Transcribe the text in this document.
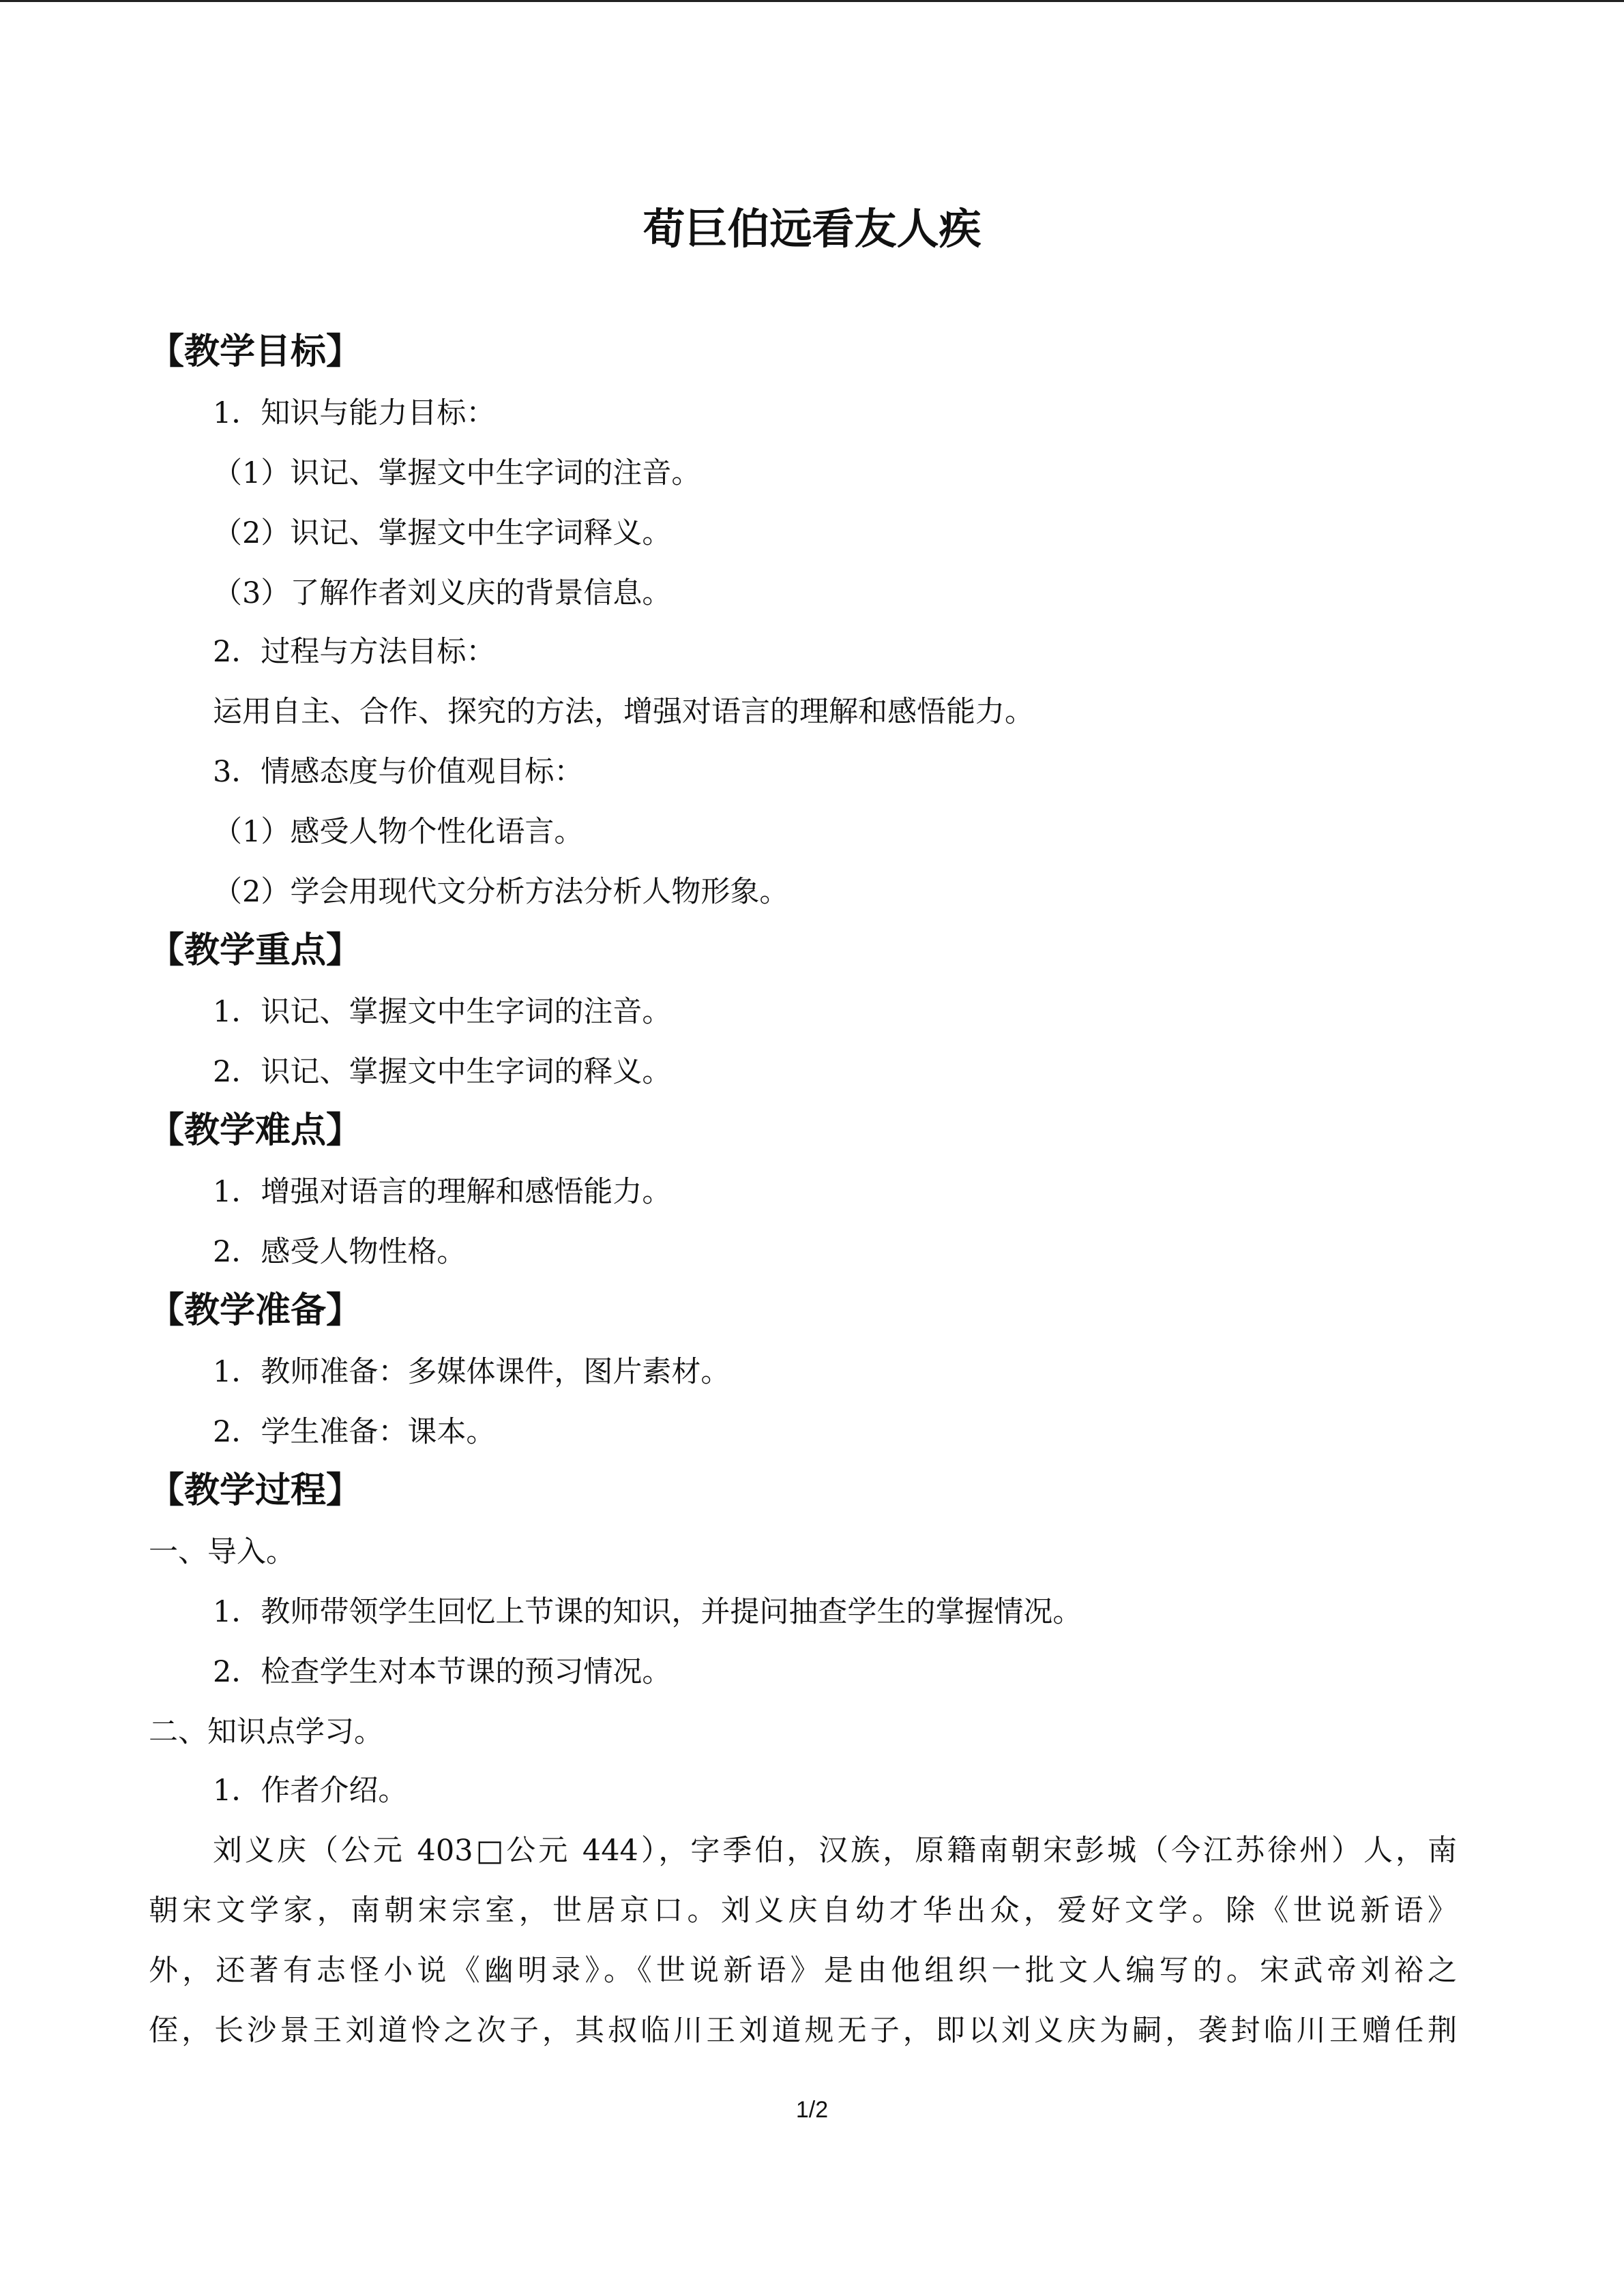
荀巨伯远看友人疾
【教学目标】
1．知识与能力目标：
（1）识记、掌握文中生字词的注音。
（2）识记、掌握文中生字词释义。
（3）了解作者刘义庆的背景信息。
2．过程与方法目标：
运用自主、合作、探究的方法，增强对语言的理解和感悟能力。
3．情感态度与价值观目标：
（1）感受人物个性化语言。
（2）学会用现代文分析方法分析人物形象。
【教学重点】
1．识记、掌握文中生字词的注音。
2．识记、掌握文中生字词的释义。
【教学难点】
1．增强对语言的理解和感悟能力。
2．感受人物性格。
【教学准备】
1．教师准备：多媒体课件，图片素材。
2．学生准备：课本。
【教学过程】
一、导入。
1．教师带领学生回忆上节课的知识，并提问抽查学生的掌握情况。
2．检查学生对本节课的预习情况。
二、知识点学习。
1．作者介绍。
刘义庆（公元 403□公元 444），字季伯，汉族，原籍南朝宋彭城（今江苏徐州）人，南
朝宋文学家，南朝宋宗室，世居京口。刘义庆自幼才华出众，爱好文学。除《世说新语》
外，还著有志怪小说《幽明录》。《世说新语》是由他组织一批文人编写的。宋武帝刘裕之
侄，长沙景王刘道怜之次子，其叔临川王刘道规无子，即以刘义庆为嗣，袭封临川王赠任荆
1/2
